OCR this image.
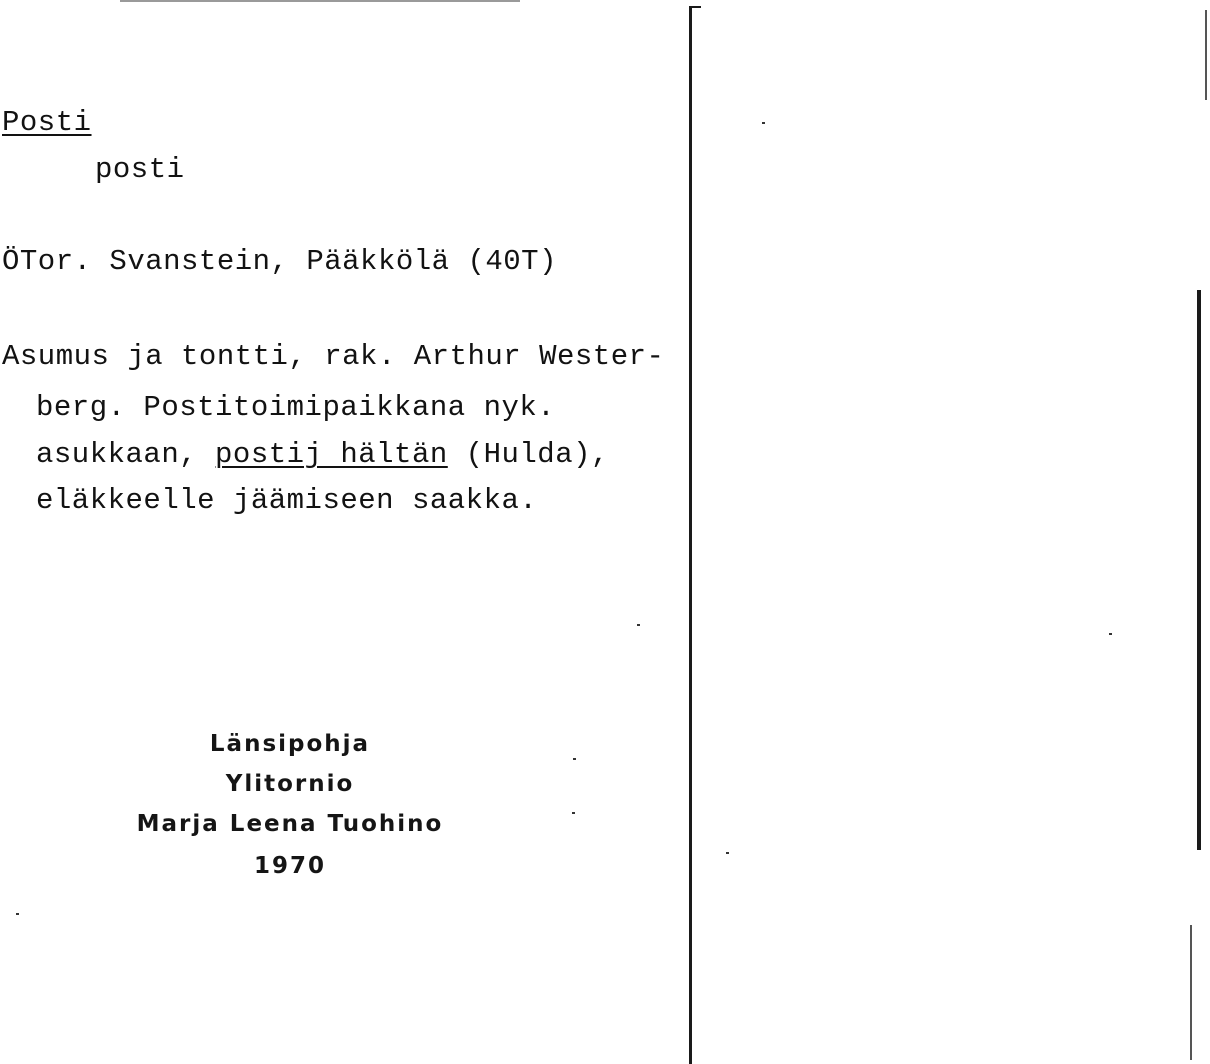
Posti
posti
ÖTor. Svanstein, Pääkkölä (40T)
Asumus ja tontti, rak. Arthur Wester-
berg. Postitoimipaikkana nyk.
asukkaan, postij hältän (Hulda),
eläkkeelle jäämiseen saakka.
Länsipohja
Ylitornio
Marja Leena Tuohino
1970
